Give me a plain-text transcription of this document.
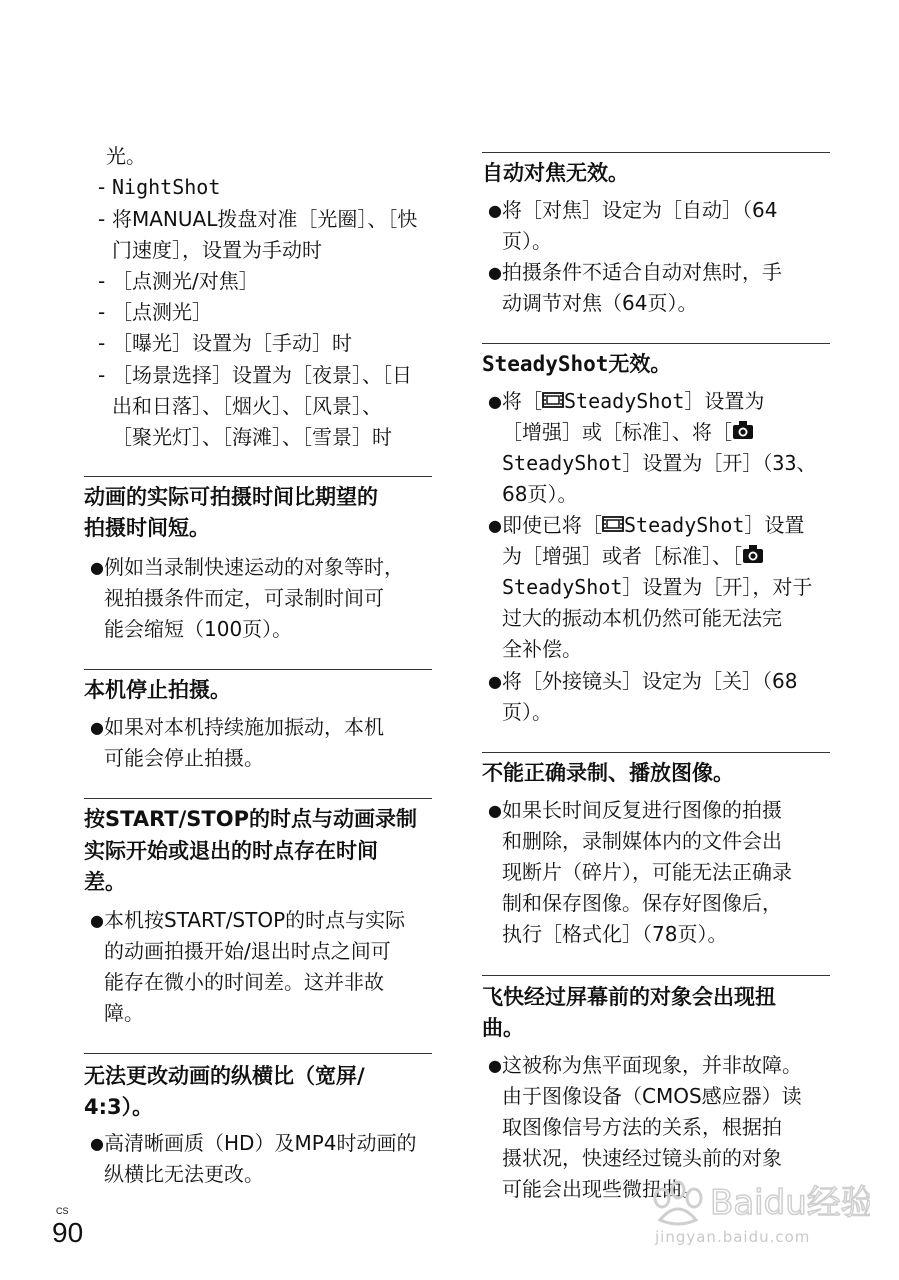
光。
- NightShot
- 将MANUAL拨盘对准［光圈］、［快
门速度］，设置为手动时
- ［点测光/对焦］
- ［点测光］
- ［曝光］设置为［手动］时
- ［场景选择］设置为［夜景］、［日
出和日落］、［烟火］、［风景］、
［聚光灯］、［海滩］、［雪景］时
动画的实际可拍摄时间比期望的
拍摄时间短。
● 例如当录制快速运动的对象等时，
视拍摄条件而定，可录制时间可
能会缩短（100页）。
本机停止拍摄。
● 如果对本机持续施加振动，本机
可能会停止拍摄。
按START/STOP的时点与动画录制
实际开始或退出的时点存在时间
差。
● 本机按START/STOP的时点与实际
的动画拍摄开始/退出时点之间可
能存在微小的时间差。这并非故
障。
无法更改动画的纵横比（宽屏/
4:3）。
● 高清晰画质（HD）及MP4时动画的
纵横比无法更改。
自动对焦无效。
● 将［对焦］设定为［自动］（64
页）。
● 拍摄条件不适合自动对焦时，手
动调节对焦（64页）。
SteadyShot无效。
● 将［ SteadyShot］设置为
［增强］或［标准］、将［
SteadyShot］设置为［开］（33、
68页）。
● 即使已将［ SteadyShot］设置
为［增强］或者［标准］、［
SteadyShot］设置为［开］，对于
过大的振动本机仍然可能无法完
全补偿。
● 将［外接镜头］设定为［关］（68
页）。
不能正确录制、播放图像。
● 如果长时间反复进行图像的拍摄
和删除，录制媒体内的文件会出
现断片（碎片），可能无法正确录
制和保存图像。保存好图像后，
执行［格式化］（78页）。
飞快经过屏幕前的对象会出现扭
曲。
● 这被称为焦平面现象，并非故障。
由于图像设备（CMOS感应器）读
取图像信号方法的关系，根据拍
摄状况，快速经过镜头前的对象
可能会出现些微扭曲。
CS
90
Baidu经验
jingyan.baidu.com
